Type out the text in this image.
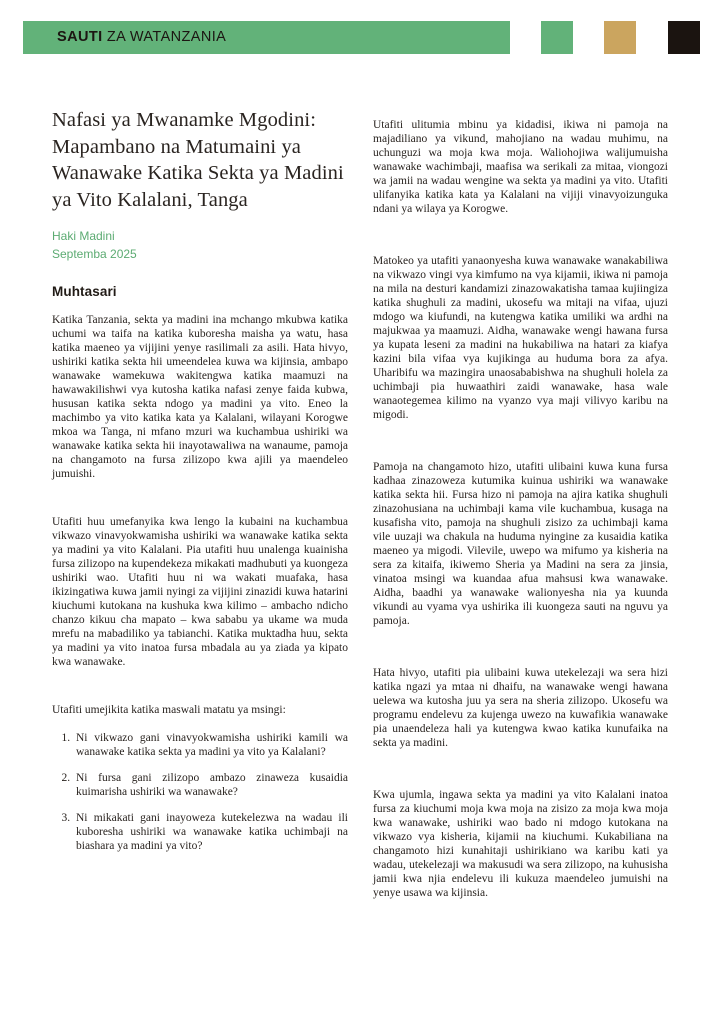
SAUTI ZA WATANZANIA
Nafasi ya Mwanamke Mgodini: Mapambano na Matumaini ya Wanawake Katika Sekta ya Madini ya Vito Kalalani, Tanga
Haki Madini
Septemba 2025
Muhtasari

Katika Tanzania, sekta ya madini ina mchango mkubwa katika uchumi wa taifa na katika kuboresha maisha ya watu, hasa katika maeneo ya vijijini yenye rasilimali za asili. Hata hivyo, ushiriki katika sekta hii umeendelea kuwa wa kijinsia, ambapo wanawake wamekuwa wakitengwa katika maamuzi na hawawakilishwi vya kutosha katika nafasi zenye faida kubwa, hususan katika sekta ndogo ya madini ya vito. Eneo la machimbo ya vito katika kata ya Kalalani, wilayani Korogwe mkoa wa Tanga, ni mfano mzuri wa kuchambua ushiriki wa wanawake katika sekta hii inayotawaliwa na wanaume, pamoja na changamoto na fursa zilizopo kwa ajili ya maendeleo jumuishi.

Utafiti huu umefanyika kwa lengo la kubaini na kuchambua vikwazo vinavyokwamisha ushiriki wa wanawake katika sekta ya madini ya vito Kalalani. Pia utafiti huu unalenga kuainisha fursa zilizopo na kupendekeza mikakati madhubuti ya kuongeza ushiriki wao. Utafiti huu ni wa wakati muafaka, hasa ikizingatiwa kuwa jamii nyingi za vijijini zinazidi kuwa hatarini kiuchumi kutokana na kushuka kwa kilimo – ambacho ndicho chanzo kikuu cha mapato – kwa sababu ya ukame wa muda mrefu na mabadiliko ya tabianchi. Katika muktadha huu, sekta ya madini ya vito inatoa fursa mbadala au ya ziada ya kipato kwa wanawake.

Utafiti umejikita katika maswali matatu ya msingi:

1. Ni vikwazo gani vinavyokwamisha ushiriki kamili wa wanawake katika sekta ya madini ya vito ya Kalalani?
2. Ni fursa gani zilizopo ambazo zinaweza kusaidia kuimarisha ushiriki wa wanawake?
3. Ni mikakati gani inayoweza kutekelezwa na wadau ili kuboresha ushiriki wa wanawake katika uchimbaji na biashara ya madini ya vito?

Utafiti ulitumia mbinu ya kidadisi, ikiwa ni pamoja na majadiliano ya vikund, mahojiano na wadau muhimu, na uchunguzi wa moja kwa moja. Waliohojiwa walijumuisha wanawake wachimbaji, maafisa wa serikali za mitaa, viongozi wa jamii na wadau wengine wa sekta ya madini ya vito. Utafiti ulifanyika katika kata ya Kalalani na vijiji vinavyoizunguka ndani ya wilaya ya Korogwe.

Matokeo ya utafiti yanaonyesha kuwa wanawake wanakabiliwa na vikwazo vingi vya kimfumo na vya kijamii, ikiwa ni pamoja na mila na desturi kandamizi zinazowakatisha tamaa kujiingiza katika shughuli za madini, ukosefu wa mitaji na vifaa, ujuzi mdogo wa kiufundi, na kutengwa katika umiliki wa ardhi na majukwaa ya maamuzi. Aidha, wanawake wengi hawana fursa ya kupata leseni za madini na hukabiliwa na hatari za kiafya kazini bila vifaa vya kujikinga au huduma bora za afya. Uharibifu wa mazingira unaosababishwa na shughuli holela za uchimbaji pia huwaathiri zaidi wanawake, hasa wale wanaotegemea kilimo na vyanzo vya maji vilivyo karibu na migodi.

Pamoja na changamoto hizo, utafiti ulibaini kuwa kuna fursa kadhaa zinazoweza kutumika kuinua ushiriki wa wanawake katika sekta hii. Fursa hizo ni pamoja na ajira katika shughuli zinazohusiana na uchimbaji kama vile kuchambua, kusaga na kusafisha vito, pamoja na shughuli zisizo za uchimbaji kama vile uuzaji wa chakula na huduma nyingine za kusaidia katika maeneo ya migodi. Vilevile, uwepo wa mifumo ya kisheria na sera za kitaifa, ikiwemo Sheria ya Madini na sera za jinsia, vinatoa msingi wa kuandaa afua mahsusi kwa wanawake. Aidha, baadhi ya wanawake walionyesha nia ya kuunda vikundi au vyama vya ushirika ili kuongeza sauti na nguvu ya pamoja.

Hata hivyo, utafiti pia ulibaini kuwa utekelezaji wa sera hizi katika ngazi ya mtaa ni dhaifu, na wanawake wengi hawana uelewa wa kutosha juu ya sera na sheria zilizopo. Ukosefu wa programu endelevu za kujenga uwezo na kuwafikia wanawake pia unaendeleza hali ya kutengwa kwao katika kunufaika na sekta ya madini.

Kwa ujumla, ingawa sekta ya madini ya vito Kalalani inatoa fursa za kiuchumi moja kwa moja na zisizo za moja kwa moja kwa wanawake, ushiriki wao bado ni mdogo kutokana na vikwazo vya kisheria, kijamii na kiuchumi. Kukabiliana na changamoto hizi kunahitaji ushirikiano wa karibu kati ya wadau, utekelezaji wa makusudi wa sera zilizopo, na kuhusisha jamii kwa njia endelevu ili kukuza maendeleo jumuishi na yenye usawa wa kijinsia.
